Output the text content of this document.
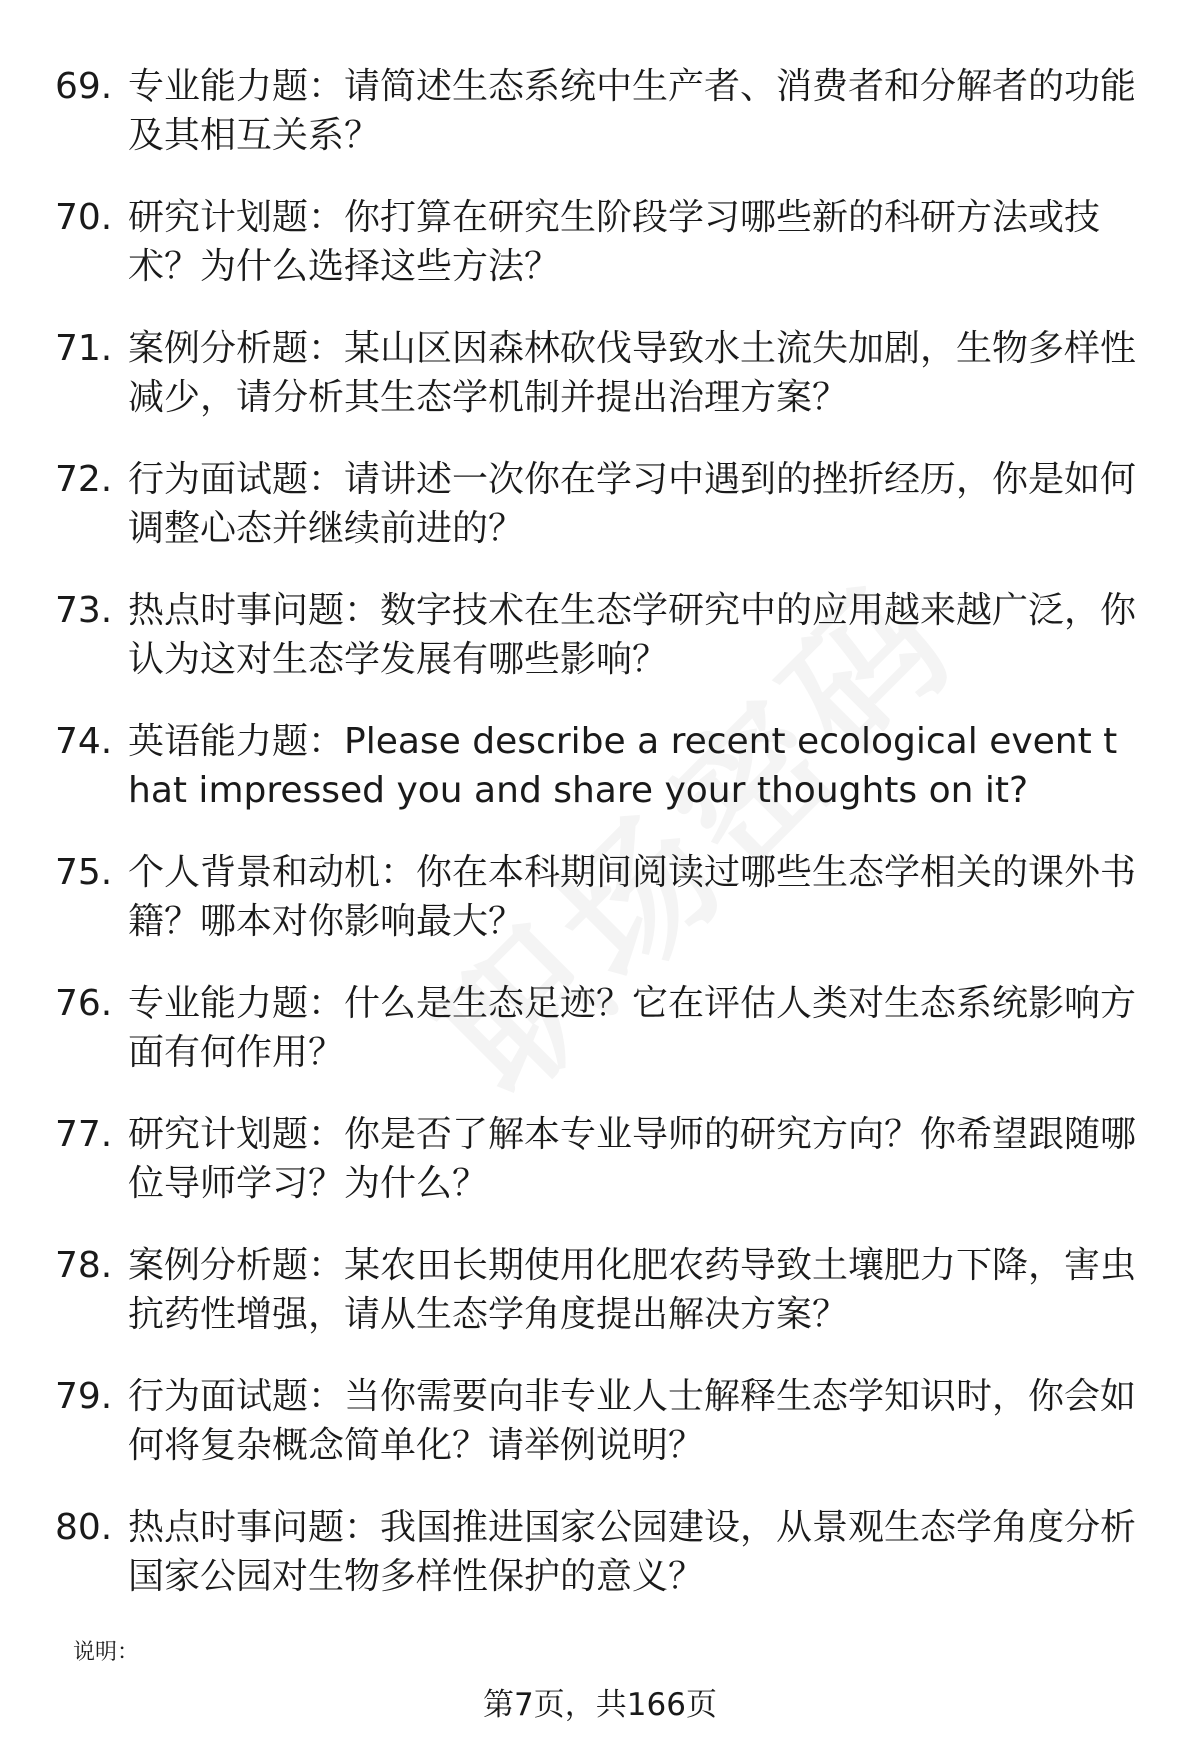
69. 专业能力题：请简述生态系统中生产者、消费者和分解者的功能及其相互关系？
70. 研究计划题：你打算在研究生阶段学习哪些新的科研方法或技术？为什么选择这些方法？
71. 案例分析题：某山区因森林砍伐导致水土流失加剧，生物多样性减少，请分析其生态学机制并提出治理方案？
72. 行为面试题：请讲述一次你在学习中遇到的挫折经历，你是如何调整心态并继续前进的？
73. 热点时事问题：数字技术在生态学研究中的应用越来越广泛，你认为这对生态学发展有哪些影响？
74. 英语能力题：Please describe a recent ecological event that impressed you and share your thoughts on it?
75. 个人背景和动机：你在本科期间阅读过哪些生态学相关的课外书籍？哪本对你影响最大？
76. 专业能力题：什么是生态足迹？它在评估人类对生态系统影响方面有何作用？
77. 研究计划题：你是否了解本专业导师的研究方向？你希望跟随哪位导师学习？为什么？
78. 案例分析题：某农田长期使用化肥农药导致土壤肥力下降，害虫抗药性增强，请从生态学角度提出解决方案？
79. 行为面试题：当你需要向非专业人士解释生态学知识时，你会如何将复杂概念简单化？请举例说明？
80. 热点时事问题：我国推进国家公园建设，从景观生态学角度分析国家公园对生物多样性保护的意义？
说明：
第7页，共166页
